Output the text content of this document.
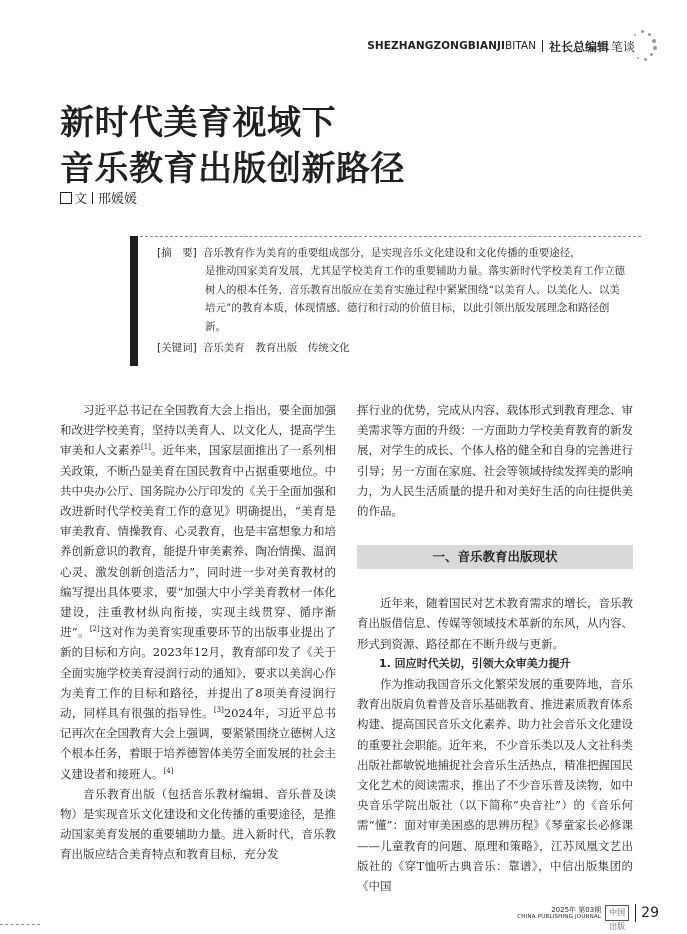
SHEZHANGZONGBIANJI BITAN 社长总编辑 笔谈
新时代美育视域下
音乐教育出版创新路径
文 邢媛媛
[摘　要] 音乐教育作为美育的重要组成部分，是实现音乐文化建设和文化传播的重要途径，
是推动国家美育发展，尤其是学校美育工作的重要辅助力量。落实新时代学校美育工作立德树人的根本任务，音乐教育出版应在美育实施过程中紧紧围绕“以美育人、以美化人、以美培元”的教育本质，体现情感、德行和行动的价值目标，以此引领出版发展理念和路径创新。
[关键词] 音乐美育　教育出版　传统文化

习近平总书记在全国教育大会上指出，要全面加强和改进学校美育，坚持以美育人、以文化人，提高学生审美和人文素养[1]。近年来，国家层面推出了一系列相关政策，不断凸显美育在国民教育中占据重要地位。中共中央办公厅、国务院办公厅印发的《关于全面加强和改进新时代学校美育工作的意见》明确提出，“美育是审美教育、情操教育、心灵教育，也是丰富想象力和培养创新意识的教育，能提升审美素养、陶冶情操、温润心灵、激发创新创造活力”，同时进一步对美育教材的编写提出具体要求，要“加强大中小学美育教材一体化建设，注重教材纵向衔接，实现主线贯穿、循序渐进”。[2]这对作为美育实现重要环节的出版事业提出了新的目标和方向。2023年12月，教育部印发了《关于全面实施学校美育浸润行动的通知》，要求以美润心作为美育工作的目标和路径，并提出了8项美育浸润行动，同样具有很强的指导性。[3]2024年，习近平总书记再次在全国教育大会上强调，要紧紧围绕立德树人这个根本任务，着眼于培养德智体美劳全面发展的社会主义建设者和接班人。[4]

音乐教育出版（包括音乐教材编辑、音乐普及读物）是实现音乐文化建设和文化传播的重要途径，是推动国家美育发展的重要辅助力量。进入新时代，音乐教育出版应结合美育特点和教育目标，充分发

挥行业的优势，完成从内容、载体形式到教育理念、审美需求等方面的升级：一方面助力学校美育教育的新发展，对学生的成长、个体人格的健全和自身的完善进行引导；另一方面在家庭、社会等领域持续发挥美的影响力，为人民生活质量的提升和对美好生活的向往提供美的作品。

一、音乐教育出版现状

近年来，随着国民对艺术教育需求的增长，音乐教育出版借信息、传媒等领域技术革新的东风，从内容、形式到资源、路径都在不断升级与更新。

1. 回应时代关切，引领大众审美力提升

作为推动我国音乐文化繁荣发展的重要阵地，音乐教育出版肩负着普及音乐基础教育、推进素质教育体系构建、提高国民音乐文化素养、助力社会音乐文化建设的重要社会职能。近年来，不少音乐类以及人文社科类出版社都敏锐地捕捉社会音乐生活热点，精准把握国民文化艺术的阅读需求，推出了不少音乐普及读物，如中央音乐学院出版社（以下简称“央音社”）的《音乐何需“懂”：面对审美困惑的思辨历程》《琴童家长必修课——儿童教育的问题、原理和策略》，江苏凤凰文艺出版社的《穿T恤听古典音乐：靠谱》，中信出版集团的《中国

2025年 第03期
CHINA PUBLISHING JOURNAL	中国出版
29
